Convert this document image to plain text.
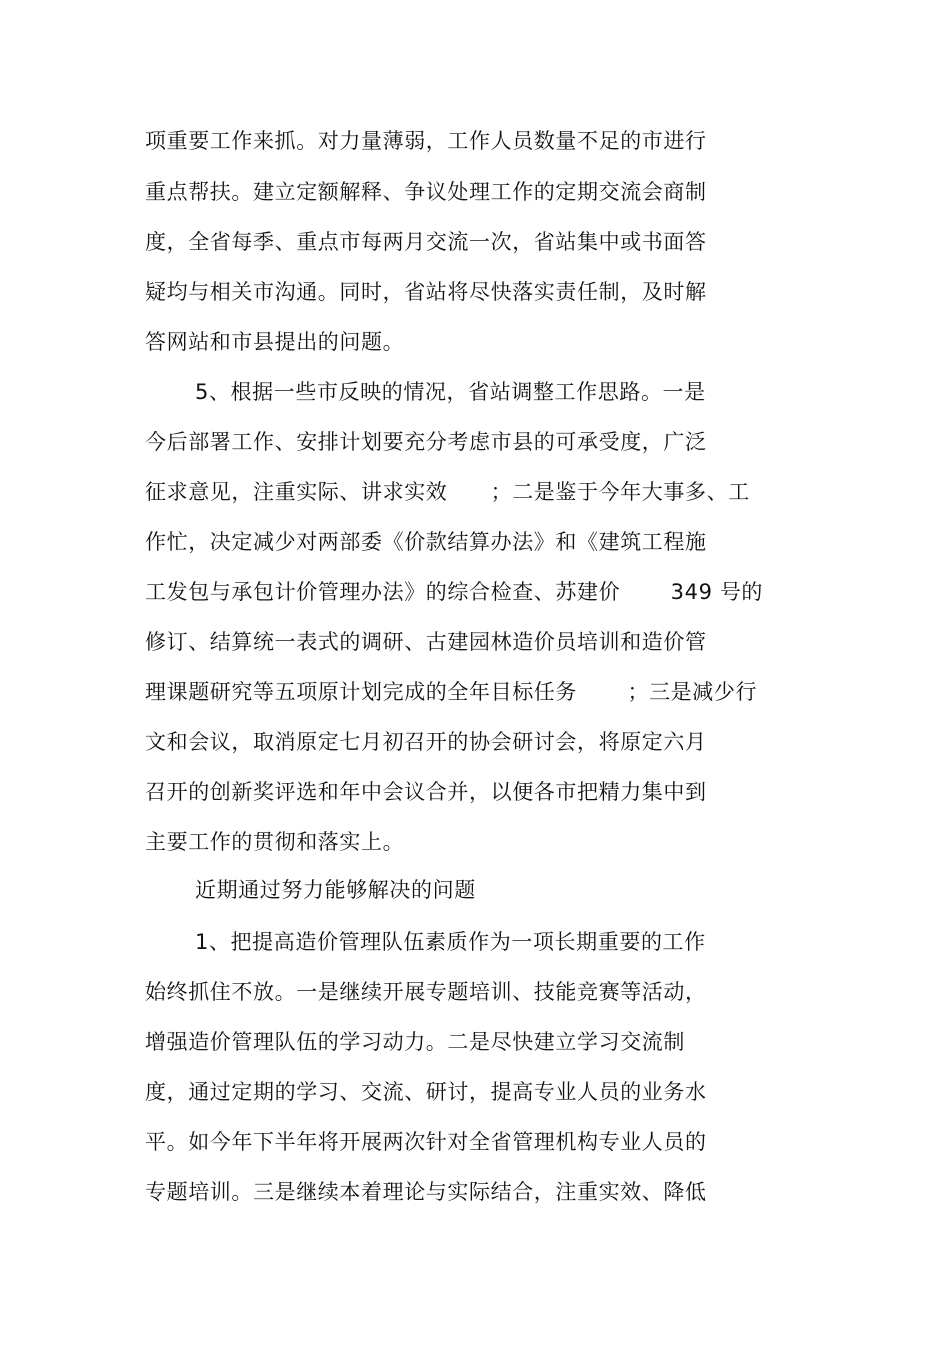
项重要工作来抓。对力量薄弱，工作人员数量不足的市进行
重点帮扶。建立定额解释、争议处理工作的定期交流会商制
度，全省每季、重点市每两月交流一次，省站集中或书面答
疑均与相关市沟通。同时，省站将尽快落实责任制，及时解
答网站和市县提出的问题。
5、根据一些市反映的情况，省站调整工作思路。一是
今后部署工作、安排计划要充分考虑市县的可承受度，广泛
征求意见，注重实际、讲求实效　　；二是鉴于今年大事多、工
作忙，决定减少对两部委《价款结算办法》和《建筑工程施
工发包与承包计价管理办法》的综合检查、苏建价　　 349 号的
修订、结算统一表式的调研、古建园林造价员培训和造价管
理课题研究等五项原计划完成的全年目标任务　　 ；三是减少行
文和会议，取消原定七月初召开的协会研讨会，将原定六月
召开的创新奖评选和年中会议合并，以便各市把精力集中到
主要工作的贯彻和落实上。
近期通过努力能够解决的问题
1、把提高造价管理队伍素质作为一项长期重要的工作
始终抓住不放。一是继续开展专题培训、技能竞赛等活动，
增强造价管理队伍的学习动力。二是尽快建立学习交流制
度，通过定期的学习、交流、研讨，提高专业人员的业务水
平。如今年下半年将开展两次针对全省管理机构专业人员的
专题培训。三是继续本着理论与实际结合，注重实效、降低
